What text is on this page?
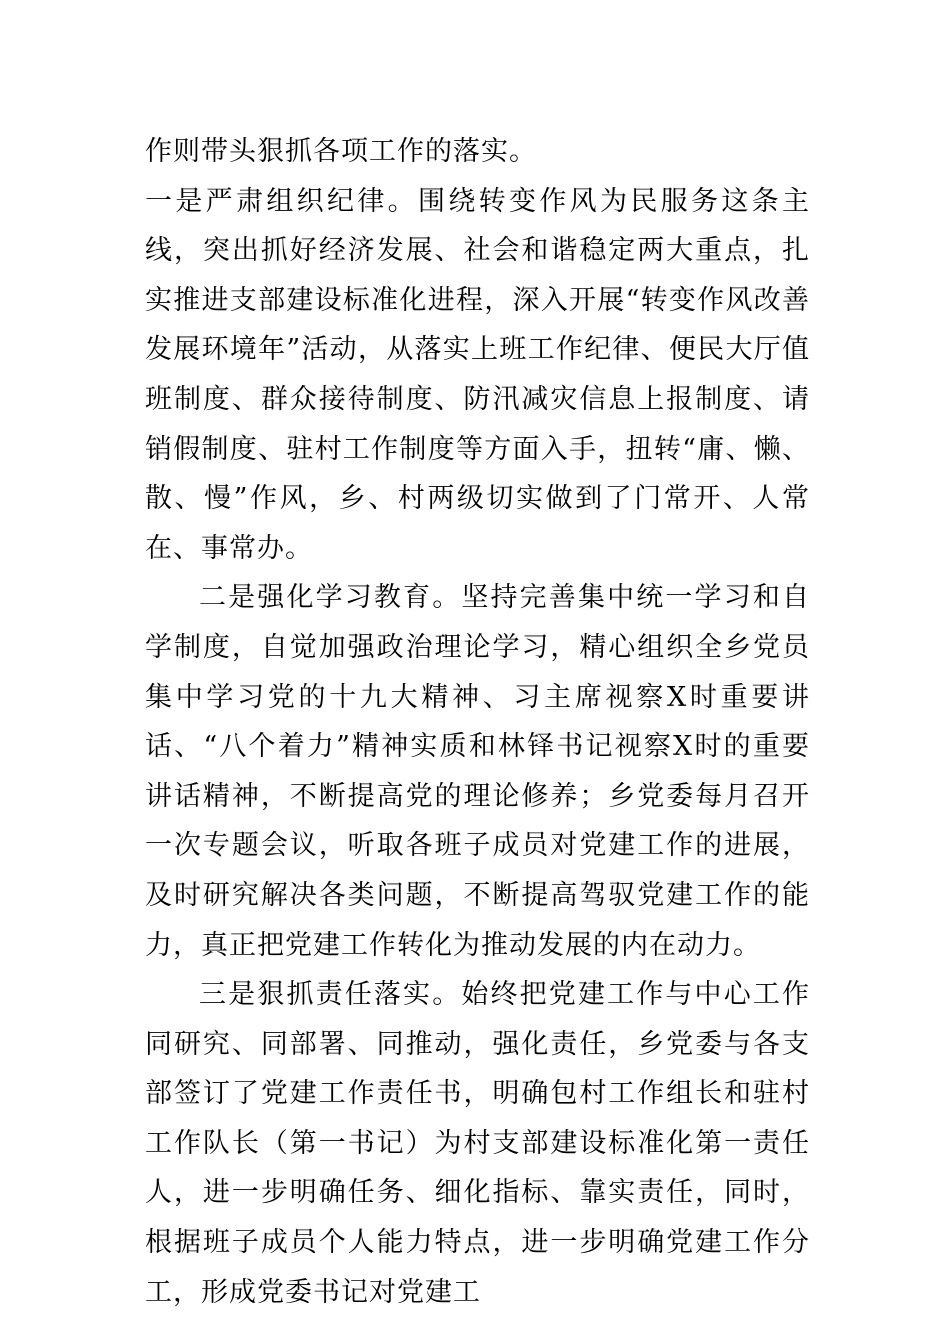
作则带头狠抓各项工作的落实。

一是严肃组织纪律。围绕转变作风为民服务这条主线，突出抓好经济发展、社会和谐稳定两大重点，扎实推进支部建设标准化进程，深入开展“转变作风改善发展环境年”活动，从落实上班工作纪律、便民大厅值班制度、群众接待制度、防汛减灾信息上报制度、请销假制度、驻村工作制度等方面入手，扭转“庸、懒、散、慢”作风，乡、村两级切实做到了门常开、人常在、事常办。

二是强化学习教育。坚持完善集中统一学习和自学制度，自觉加强政治理论学习，精心组织全乡党员集中学习党的十九大精神、习主席视察X时重要讲话、“八个着力”精神实质和林铎书记视察X时的重要讲话精神，不断提高党的理论修养；乡党委每月召开一次专题会议，听取各班子成员对党建工作的进展，及时研究解决各类问题，不断提高驾驭党建工作的能力，真正把党建工作转化为推动发展的内在动力。

三是狠抓责任落实。始终把党建工作与中心工作同研究、同部署、同推动，强化责任，乡党委与各支部签订了党建工作责任书，明确包村工作组长和驻村工作队长（第一书记）为村支部建设标准化第一责任人，进一步明确任务、细化指标、靠实责任，同时，根据班子成员个人能力特点，进一步明确党建工作分工，形成党委书记对党建工
